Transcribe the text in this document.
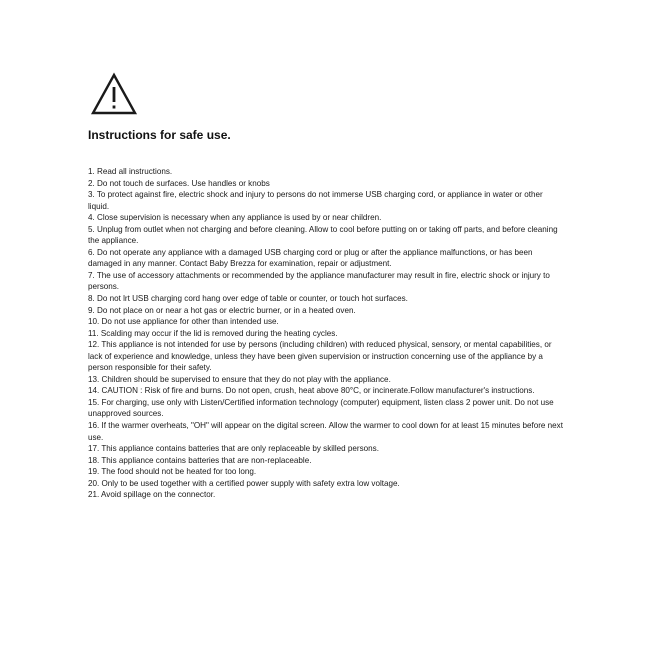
Instructions for safe use.
1. Read all instructions.
2. Do not touch de surfaces. Use handles or knobs
3. To protect against fire, electric shock and injury to persons do not immerse USB charging cord, or appliance in water or other liquid.
4. Close supervision is necessary when any appliance is used by or near children.
5. Unplug from outlet when not charging and before cleaning. Allow to cool before putting on or taking off parts, and before cleaning the appliance.
6. Do not operate any appliance with a damaged USB charging cord or plug or after the appliance malfunctions, or has been damaged in any manner. Contact Baby Brezza for examination, repair or adjustment.
7. The use of accessory attachments or recommended by the appliance manufacturer may result in fire, electric shock or injury to persons.
8. Do not lrt USB charging cord hang over edge of table or counter, or touch hot surfaces.
9. Do not place on or near a hot gas or electric burner, or in a heated oven.
10. Do not use appliance for other than intended use.
11. Scalding may occur if the lid is removed during the heating cycles.
12. This appliance is not intended for use by persons (including children) with reduced physical, sensory, or mental capabilities, or lack of experience and knowledge, unless they have been given supervision or instruction concerning use of the appliance by a person responsible for their safety.
13. Children should be supervised to ensure that they do not play with the appliance.
14. CAUTION : Risk of fire and burns. Do not open, crush, heat above 80°C, or incinerate.Follow manufacturer's instructions.
15. For charging, use only with Listen/Certified information technology (computer) equipment, listen class 2 power unit. Do not use unapproved sources.
16. If the warmer overheats, "OH" will appear on the digital screen. Allow the warmer to cool down for at least 15 minutes before next use.
17. This appliance contains batteries that are only replaceable by skilled persons.
18. This appliance contains batteries that are non-replaceable.
19. The food should not be heated for too long.
20. Only to be used together with a certified power supply with safety extra low voltage.
21. Avoid spillage on the connector.
